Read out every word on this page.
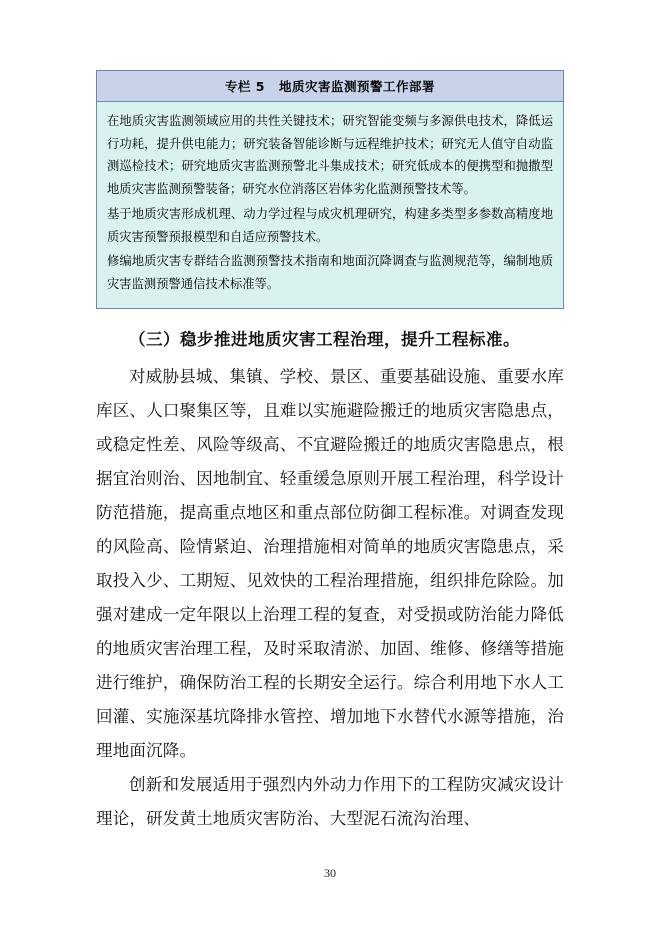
专栏 5 地质灾害监测预警工作部署

在地质灾害监测领域应用的共性关键技术；研究智能变频与多源供电技术，降低运行功耗，提升供电能力；研究装备智能诊断与远程维护技术；研究无人值守自动监测巡检技术；研究地质灾害监测预警北斗集成技术；研究低成本的便携型和抛撒型地质灾害监测预警装备；研究水位消落区岩体劣化监测预警技术等。

基于地质灾害形成机理、动力学过程与成灾机理研究，构建多类型多参数高精度地质灾害预警预报模型和自适应预警技术。

修编地质灾害专群结合监测预警技术指南和地面沉降调查与监测规范等，编制地质灾害监测预警通信技术标准等。

（三）稳步推进地质灾害工程治理，提升工程标准。

对威胁县城、集镇、学校、景区、重要基础设施、重要水库库区、人口聚集区等，且难以实施避险搬迁的地质灾害隐患点，或稳定性差、风险等级高、不宜避险搬迁的地质灾害隐患点，根据宜治则治、因地制宜、轻重缓急原则开展工程治理，科学设计防范措施，提高重点地区和重点部位防御工程标准。对调查发现的风险高、险情紧迫、治理措施相对简单的地质灾害隐患点，采取投入少、工期短、见效快的工程治理措施，组织排危除险。加强对建成一定年限以上治理工程的复查，对受损或防治能力降低的地质灾害治理工程，及时采取清淤、加固、维修、修缮等措施进行维护，确保防治工程的长期安全运行。综合利用地下水人工回灌、实施深基坑降排水管控、增加地下水替代水源等措施，治理地面沉降。

创新和发展适用于强烈内外动力作用下的工程防灾减灾设计理论，研发黄土地质灾害防治、大型泥石流沟治理、

30
